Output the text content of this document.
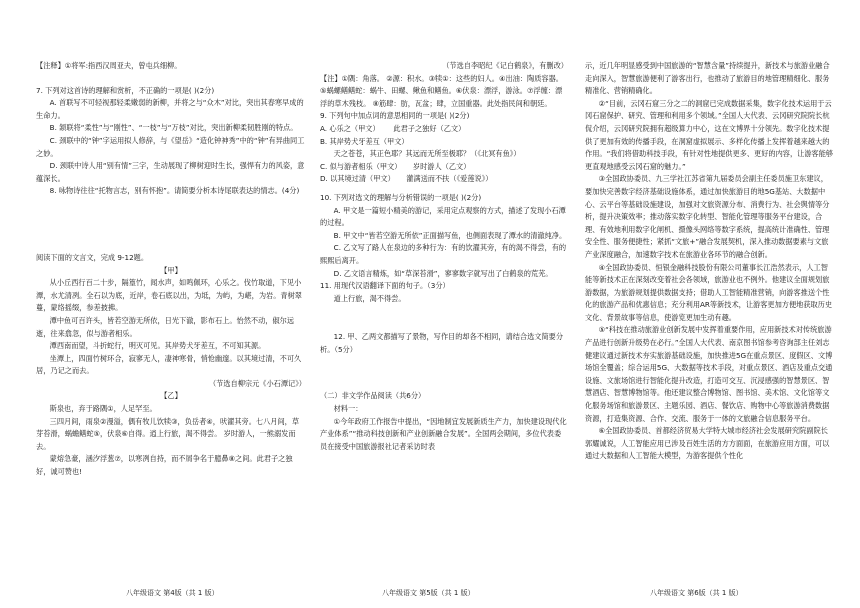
【注释】①将军:指西汉周亚夫，曾屯兵细柳。

7. 下列对这首诗的理解和赏析，不正确的一项是( )(2分)

A. 首联写不可轻视那轻柔嫩弱的新柳，并将之与“众木”对比，突出其春寒早成的生命力。

B. 颔联将“柔性”与“刚性”、“一枝”与“万枝”对比，突出新柳柔韧胜刚的特点。

C. 颈联中的“钟”字运用拟人修辞，与《望岳》“造化钟神秀”中的“钟”有异曲同工之妙。

D. 颈联中诗人用“别有情”三字，生动展现了柳树迎时生长，强悍有力的风姿，意蕴深长。

8. 咏物诗往往“托物言志，别有怀抱”。请简要分析本诗尾联表达的情志。(4分)

阅读下面的文言文，完成 9-12题。

【甲】

从小丘西行百二十步，隔篁竹，闻水声，如鸣佩环，心乐之。伐竹取道，下见小潭，水尤清冽。全石以为底，近岸，卷石底以出，为坻，为屿，为嵁，为岩。青树翠蔓，蒙络摇缀，参差披拂。

潭中鱼可百许头，皆若空游无所依，日光下澈，影布石上。怡然不动，俶尔远逝，往来翕忽，似与游者相乐。

潭西南而望，斗折蛇行，明灭可见。其岸势犬牙差互，不可知其源。

坐潭上，四面竹树环合，寂寥无人，凄神寒骨，悄怆幽邃。以其境过清，不可久居，乃记之而去。

（节选自柳宗元《小石潭记》）

【乙】

斯泉也，弃于路隅①，人足罕至。

三四月间，雨泉②漫溢，偶有牧儿饮犊③，负岳者④，吠濯其旁。七八月间，草芽苔滑，蜗蟾鳝蛇⑤，伏泉⑥自得。逍上行旅，渴不得尝。 岁时游人，一熊溺发而去。

蒙熔急豪，涵汐浮葱⑦，以寒冽自持，而不屑争名于臆鼻⑧之间。此君子之独好，诚可赞也!

（节选自李昭纪《记白鹤泉》，有删改）

【注】①隅：角落。 ②源：积水。③犊①：这些的妇人。④出油：陶质容器。⑤蜗螺鳝鳝蛇：蜗牛、田螺、鳅鱼和鳝鱼。⑥伏泉：漂浮，游泳。⑦浮缠：漂浮的草木残枝。 ⑧筋肆：肪，瓦盆；肆，立国重器。此处指民间和朝廷。

9. 下列句中加点词的意思相同的一项是( )(2分)

A. 心乐之（甲文） 此君子之独好（乙文）

B. 其岸势犬牙差互（甲文）

天之苍苍，其正色耶？其远而无所至极耶？（《北冥有鱼》）

C. 似与游者相乐（甲文） 岁时游人（乙文）

D. 以其境过清（甲文） 灌满送而不扶（《爱莲说》）

10. 下列对选文的理解与分析错误的一项是( )(2分)

A. 甲文是一篇短小精美的游记，采用定点观察的方式，描述了发现小石潭的过程。

B. 甲文中“皆若空游无所依”正面描写鱼，也侧面表现了潭水的清澈纯净。

C. 乙文写了路人在泉边的多种行为：有的饮濯其旁，有的渴不得尝，有的熙熙后离开。

D. 乙文语言精炼，如“草深苔滑”，寥寥数字就写出了白鹤泉的荒芜。

11. 用现代汉语翻译下面的句子。（3分）

道上行旅，渴不得尝。

12. 甲、乙两文都描写了景物，写作目的却各不相同，请结合选文简要分析。（5分）

（二）非文学作品阅读（共6分）

材料一：

①今年政府工作报告中提出，“因地制宜发展新质生产力，加快建设现代化产业体系”“推动科技创新和产业创新融合发展”。全国两会期间，多位代表委员在接受中国旅游报社记者采访时表

示，近几年明显感受到中国旅游的“智慧含量”持续提升，新技术与旅游业融合走向深入，智慧旅游便利了游客出行，也推动了旅游目的地管理精细化、服务精准化、营销精确化。

②“目前，云冈石窟三分之二的洞窟已完成数据采集，数字化技术运用于云冈石窟保护、研究、管理和利用多个领域。”全国人大代表、云冈研究院院长杭侃介绍，云冈研究院拥有超级算力中心，这在文博界十分领先。数字化技术提供了更加有效的传播手段，在洞窟虚拟展示、多样化传播上发挥着越来越大的作用。“我们将借助科技手段，有针对性地提供更多、更好的内容，让游客能够更直观地感受云冈石窟的魅力。”

③全国政协委员、九三学社江苏省第九届委员会副主任委员施卫东建议，要加快完善数字经济基础设施体系，通过加快旅游目的地5G基站、大数据中心、云平台等基础设施建设，加强对文旅资源分布、消费行为、社会舆情等分析，提升决策效率；推动落实数字化转型、智能化管理等服务平台建设，合理、有效地利用数字化闸机、摄像头网络等数字系统，提高统计准确性、管理安全性、服务便捷性；紧抓“文旅+”融合发展契机，深入推动数据要素与文旅产业深度融合，加速数字技术在旅游业各环节的融合创新。

④全国政协委员、恒银金融科技股份有限公司董事长江浩然表示，人工智能等新技术正在深刻改变着社会各领域，旅游业也不例外。他建议全面规划旅游数据，为旅游规划提供数据支持；借助人工智能精准营销，向游客推送个性化的旅游产品和优惠信息；充分利用AR等新技术，让游客更加方便地获取历史文化、背景故事等信息，使游览更加生动有趣。

⑤“科技在推动旅游业创新发展中发挥着重要作用，应用新技术对传统旅游产品进行创新升级势在必行。”全国人大代表、南京图书馆参考咨询部主任刘志健建议通过新技术夯实旅游基础设施，加快推进5G在重点景区、度假区、文博场馆全覆盖；综合运用5G、大数据等技术手段，对重点景区、酒店及重点交通设施、文旅场馆进行智能化提升改造，打造可交互、沉浸感强的智慧景区、智慧酒店、智慧博物馆等。他还建议整合博物馆、图书馆、美术馆、文化馆等文化服务场馆和旅游景区、主题乐园、酒店、餐饮店、购物中心等旅游消费数据资源，打造集资源、合作、交流、服务于一体的文旅融合信息服务平台。

⑥全国政协委员、首都经济贸易大学特大城市经济社会发展研究院副院长郭耀诚说，人工智能应用已涉及百姓生活的方方面面，在旅游应用方面，可以通过大数据和人工智能大模型，为游客提供个性化

八年级语文 第4版（共 1 版）	八年级语文 第5版（共 1 版）	八年级语文 第6版（共 1 版）
